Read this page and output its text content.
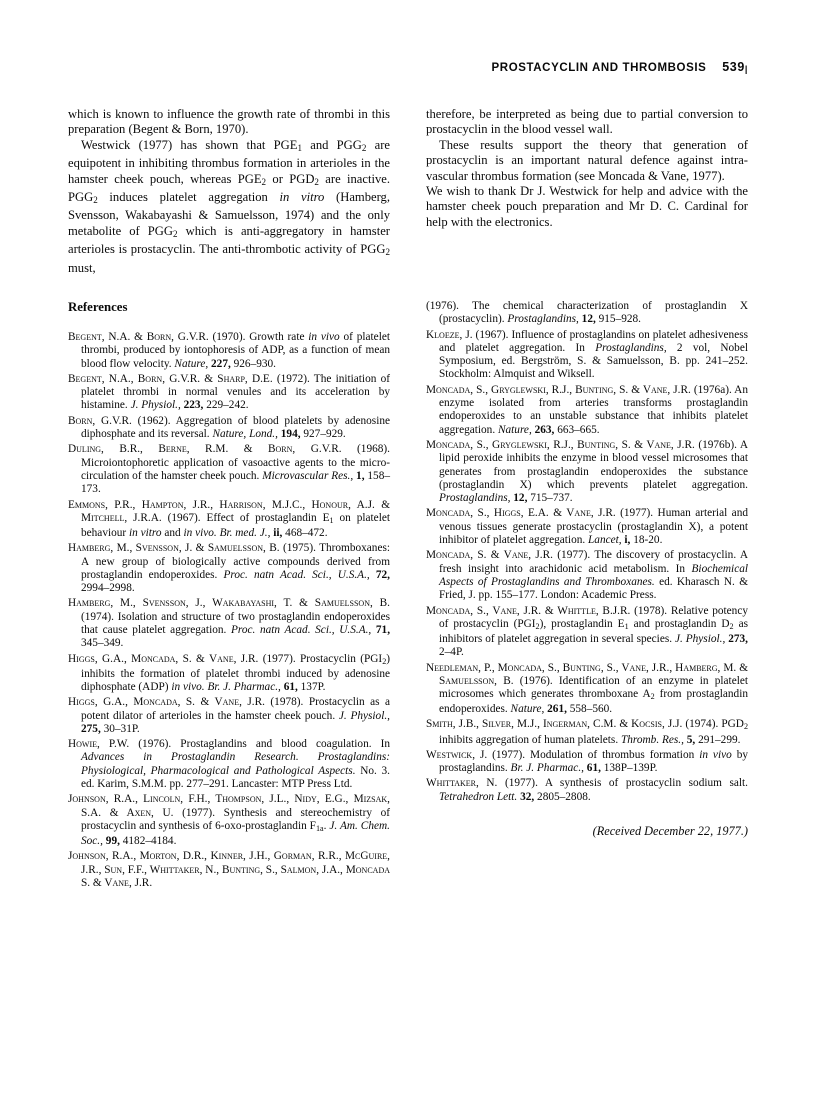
PROSTACYCLIN AND THROMBOSIS 539|

which is known to influence the growth rate of thrombi in this preparation (Begent & Born, 1970).

Westwick (1977) has shown that $PGE_1$ and $PGG_2$ are equipotent in inhibiting thrombus formation in arterioles in the hamster cheek pouch, whereas $PGE_2$ or $PGD_2$ are inactive. $PGG_2$ induces platelet aggregation in vitro (Hamberg, Svensson, Wakabayashi & Samuelsson, 1974) and the only metabolite of $PGG_2$ which is anti-aggregatory in hamster arterioles is prostacyclin. The anti-thrombotic activity of $PGG_2$ must,

therefore, be interpreted as being due to partial conversion to prostacyclin in the blood vessel wall.

These results support the theory that generation of prostacyclin is an important natural defence against intra-vascular thrombus formation (see Moncada & Vane, 1977).

We wish to thank Dr J. Westwick for help and advice with the hamster cheek pouch preparation and Mr D. C. Cardinal for help with the electronics.

References
Begent, N.A. & Born, G.V.R. (1970). Growth rate in vivo of platelet thrombi, produced by iontophoresis of ADP, as a function of mean blood flow velocity. Nature, 227, 926–930.
Begent, N.A., Born, G.V.R. & Sharp, D.E. (1972). The initiation of platelet thrombi in normal venules and its acceleration by histamine. J. Physiol., 223, 229–242.
Born, G.V.R. (1962). Aggregation of blood platelets by adenosine diphosphate and its reversal. Nature, Lond., 194, 927–929.
Duling, B.R., Berne, R.M. & Born, G.V.R. (1968). Microiontophoretic application of vasoactive agents to the micro-circulation of the hamster cheek pouch. Microvascular Res., 1, 158–173.
Emmons, P.R., Hampton, J.R., Harrison, M.J.C., Honour, A.J. & Mitchell, J.R.A. (1967). Effect of prostaglandin $E_1$ on platelet behaviour in vitro and in vivo. Br. med. J., ii, 468–472.
Hamberg, M., Svensson, J. & Samuelsson, B. (1975). Thromboxanes: A new group of biologically active compounds derived from prostaglandin endoperoxides. Proc. natn Acad. Sci., U.S.A., 72, 2994–2998.
Hamberg, M., Svensson, J., Wakabayashi, T. & Samuelsson, B. (1974). Isolation and structure of two prostaglandin endoperoxides that cause platelet aggregation. Proc. natn Acad. Sci., U.S.A., 71, 345–349.
Higgs, G.A., Moncada, S. & Vane, J.R. (1977). Prostacyclin $(PGI_2)$ inhibits the formation of platelet thrombi induced by adenosine diphosphate (ADP) in vivo. Br. J. Pharmac., 61, 137P.
Higgs, G.A., Moncada, S. & Vane, J.R. (1978). Prostacyclin as a potent dilator of arterioles in the hamster cheek pouch. J. Physiol., 275, 30–31P.
Howie, P.W. (1976). Prostaglandins and blood coagulation. In Advances in Prostaglandin Research. Prostaglandins: Physiological, Pharmacological and Pathological Aspects. No. 3. ed. Karim, S.M.M. pp. 277–291. Lancaster: MTP Press Ltd.
Johnson, R.A., Lincoln, F.H., Thompson, J.L., Nidy, E.G., Mizsak, S.A. & Axen, U. (1977). Synthesis and stereochemistry of prostacyclin and synthesis of 6-oxo-prostaglandin $F_{1a}$. J. Am. Chem. Soc., 99, 4182–4184.
Johnson, R.A., Morton, D.R., Kinner, J.H., Gorman, R.R., McGuire, J.R., Sun, F.F., Whittaker, N., Bunting, S., Salmon, J.A., Moncada S. & Vane, J.R.
(1976). The chemical characterization of prostaglandin X (prostacyclin). Prostaglandins, 12, 915–928.
Kloeze, J. (1967). Influence of prostaglandins on platelet adhesiveness and platelet aggregation. In Prostaglandins, 2 vol, Nobel Symposium, ed. Bergström, S. & Samuelsson, B. pp. 241–252. Stockholm: Almquist and Wiksell.
Moncada, S., Gryglewski, R.J., Bunting, S. & Vane, J.R. (1976a). An enzyme isolated from arteries transforms prostaglandin endoperoxides to an unstable substance that inhibits platelet aggregation. Nature, 263, 663–665.
Moncada, S., Gryglewski, R.J., Bunting, S. & Vane, J.R. (1976b). A lipid peroxide inhibits the enzyme in blood vessel microsomes that generates from prostaglandin endoperoxides the substance (prostaglandin X) which prevents platelet aggregation. Prostaglandins, 12, 715–737.
Moncada, S., Higgs, E.A. & Vane, J.R. (1977). Human arterial and venous tissues generate prostacyclin (prostaglandin X), a potent inhibitor of platelet aggregation. Lancet, i, 18-20.
Moncada, S. & Vane, J.R. (1977). The discovery of prostacyclin. A fresh insight into arachidonic acid metabolism. In Biochemical Aspects of Prostaglandins and Thromboxanes. ed. Kharasch N. & Fried, J. pp. 155–177. London: Academic Press.
Moncada, S., Vane, J.R. & Whittle, B.J.R. (1978). Relative potency of prostacyclin $(PGI_2)$, prostaglandin $E_1$ and prostaglandin $D_2$ as inhibitors of platelet aggregation in several species. J. Physiol., 273, 2–4P.
Needleman, P., Moncada, S., Bunting, S., Vane, J.R., Hamberg, M. & Samuelsson, B. (1976). Identification of an enzyme in platelet microsomes which generates thromboxane $A_2$ from prostaglandin endoperoxides. Nature, 261, 558–560.
Smith, J.B., Silver, M.J., Ingerman, C.M. & Kocsis, J.J. (1974). $PGD_2$ inhibits aggregation of human platelets. Thromb. Res., 5, 291–299.
Westwick, J. (1977). Modulation of thrombus formation in vivo by prostaglandins. Br. J. Pharmac., 61, 138P–139P.
Whittaker, N. (1977). A synthesis of prostacyclin sodium salt. Tetrahedron Lett. 32, 2805–2808.
(Received December 22, 1977.)
